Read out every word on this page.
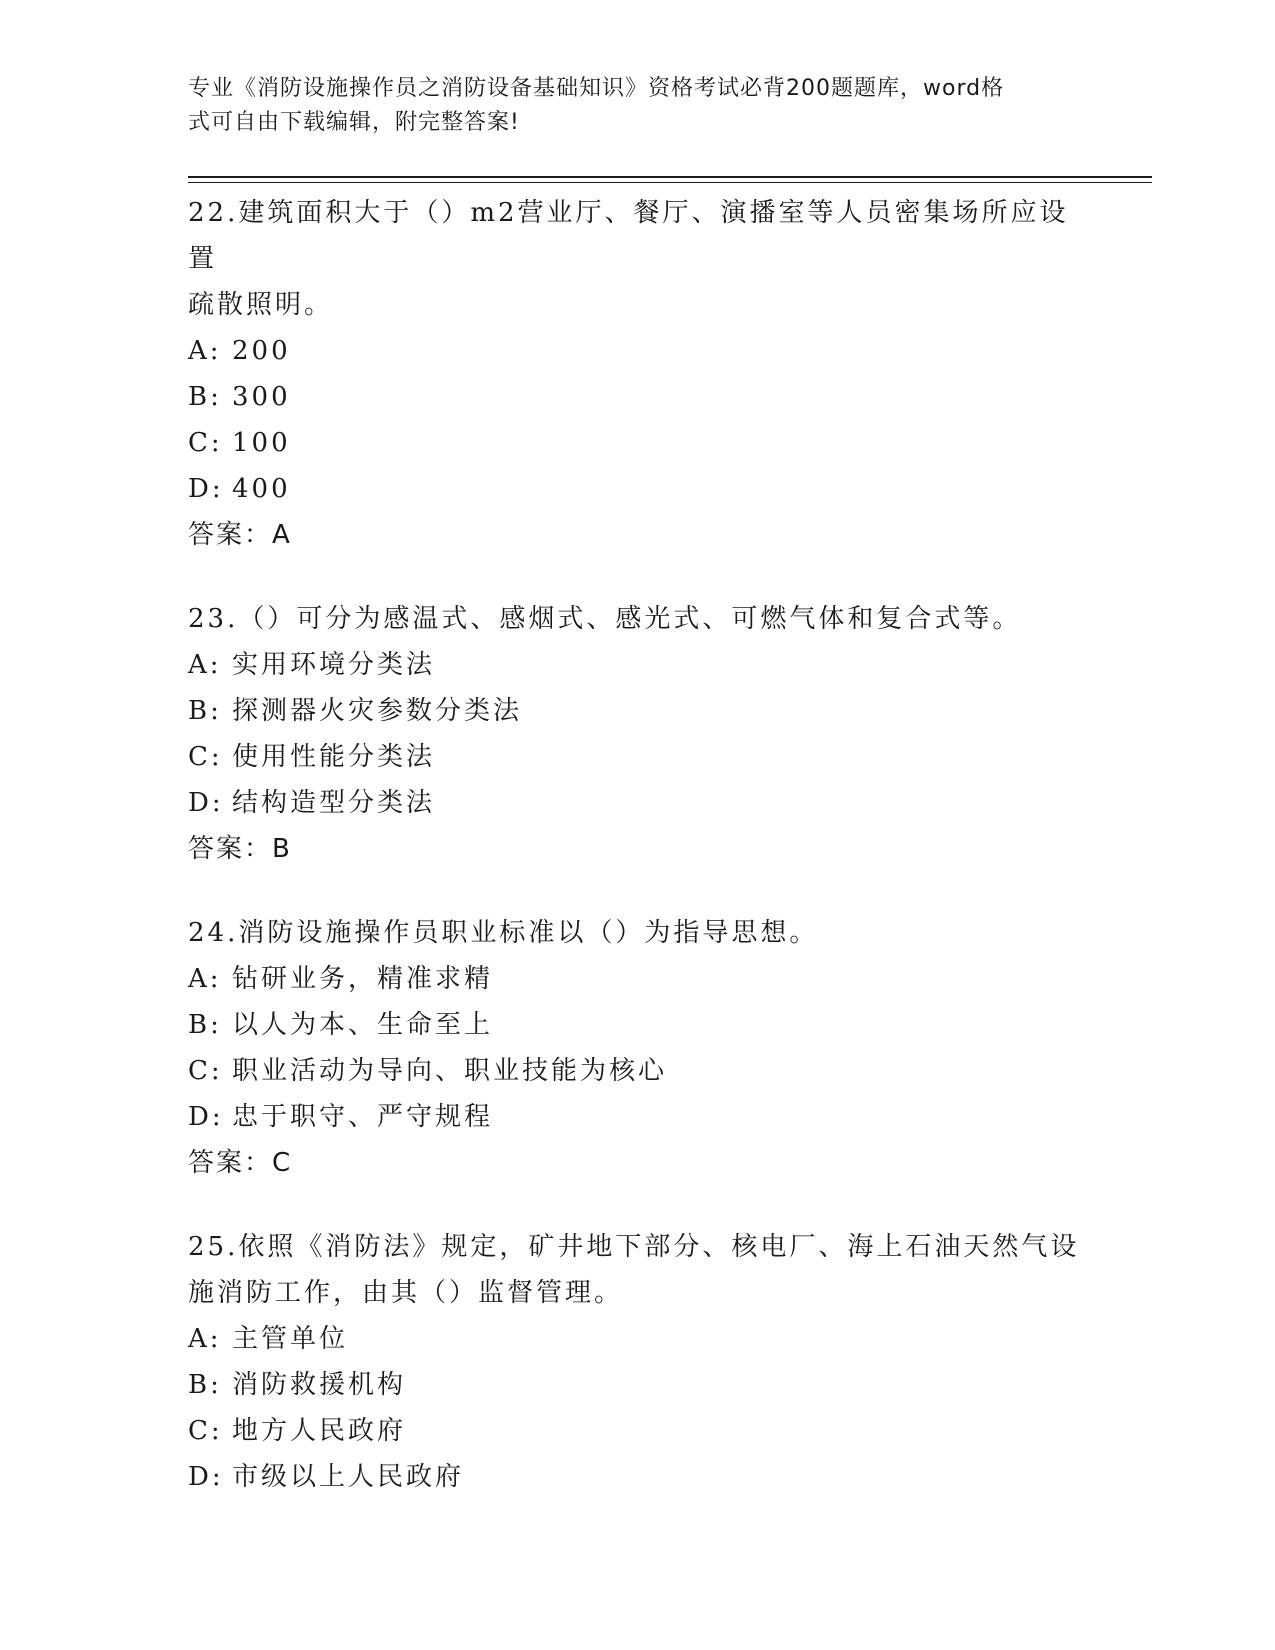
专业《消防设施操作员之消防设备基础知识》资格考试必背200题题库，word格
式可自由下载编辑，附完整答案!

22.建筑面积大于（）m2营业厅、餐厅、演播室等人员密集场所应设置

疏散照明。

A: 200

B: 300

C: 100

D: 400

答案：A

23.（）可分为感温式、感烟式、感光式、可燃气体和复合式等。

A: 实用环境分类法

B: 探测器火灾参数分类法

C: 使用性能分类法

D: 结构造型分类法

答案：B

24.消防设施操作员职业标准以（）为指导思想。

A: 钻研业务，精准求精

B: 以人为本、生命至上

C: 职业活动为导向、职业技能为核心

D: 忠于职守、严守规程

答案：C

25.依照《消防法》规定，矿井地下部分、核电厂、海上石油天然气设

施消防工作，由其（）监督管理。

A: 主管单位

B: 消防救援机构

C: 地方人民政府

D: 市级以上人民政府
